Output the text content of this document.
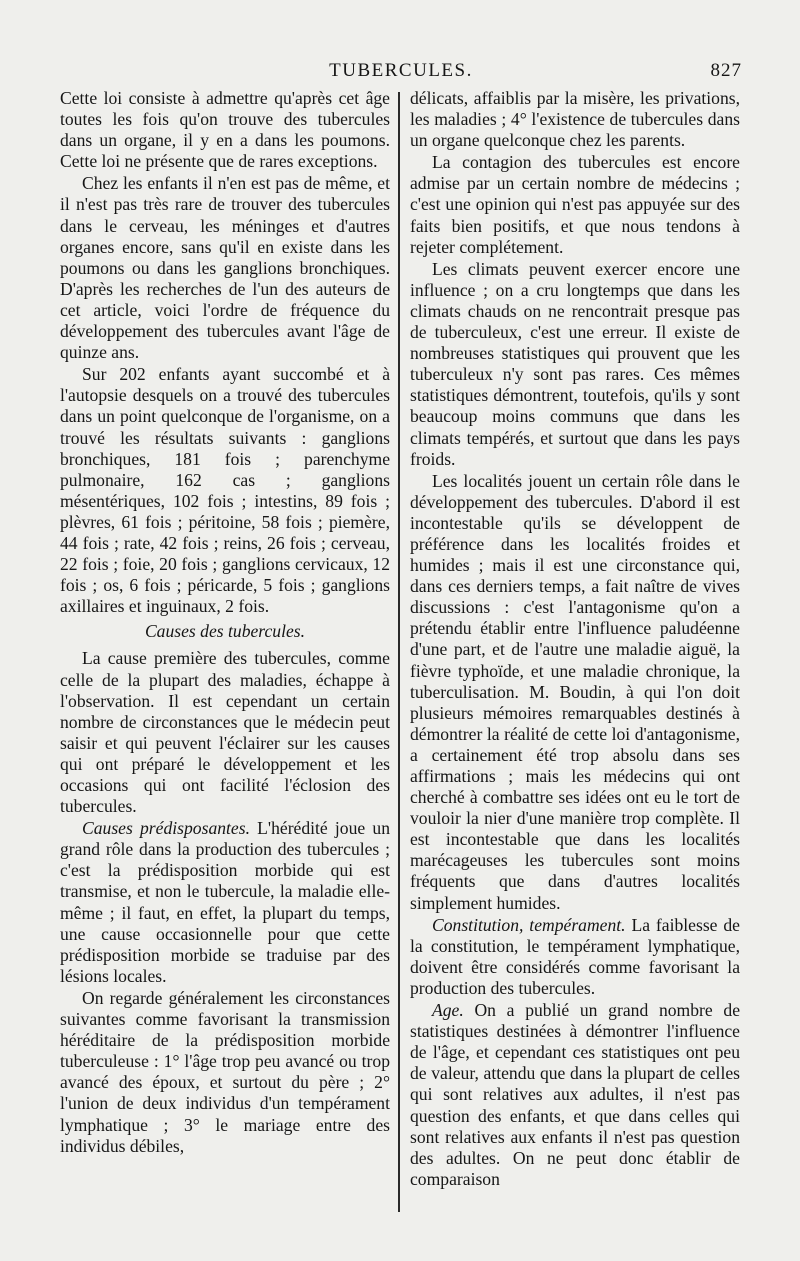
TUBERCULES.	827

Cette loi consiste à admettre qu'après cet âge toutes les fois qu'on trouve des tubercules dans un organe, il y en a dans les poumons. Cette loi ne présente que de rares exceptions.

Chez les enfants il n'en est pas de même, et il n'est pas très rare de trouver des tubercules dans le cerveau, les méninges et d'autres organes encore, sans qu'il en existe dans les poumons ou dans les ganglions bronchiques. D'après les recherches de l'un des auteurs de cet article, voici l'ordre de fréquence du développement des tubercules avant l'âge de quinze ans.

Sur 202 enfants ayant succombé et à l'autopsie desquels on a trouvé des tubercules dans un point quelconque de l'organisme, on a trouvé les résultats suivants : ganglions bronchiques, 181 fois ; parenchyme pulmonaire, 162 cas ; ganglions mésentériques, 102 fois ; intestins, 89 fois ; plèvres, 61 fois ; péritoine, 58 fois ; piemère, 44 fois ; rate, 42 fois ; reins, 26 fois ; cerveau, 22 fois ; foie, 20 fois ; ganglions cervicaux, 12 fois ; os, 6 fois ; péricarde, 5 fois ; ganglions axillaires et inguinaux, 2 fois.

Causes des tubercules.

La cause première des tubercules, comme celle de la plupart des maladies, échappe à l'observation. Il est cependant un certain nombre de circonstances que le médecin peut saisir et qui peuvent l'éclairer sur les causes qui ont préparé le développement et les occasions qui ont facilité l'éclosion des tubercules.

Causes prédisposantes. L'hérédité joue un grand rôle dans la production des tubercules ; c'est la prédisposition morbide qui est transmise, et non le tubercule, la maladie elle-même ; il faut, en effet, la plupart du temps, une cause occasionnelle pour que cette prédisposition morbide se traduise par des lésions locales.

On regarde généralement les circonstances suivantes comme favorisant la transmission héréditaire de la prédisposition morbide tuberculeuse : 1° l'âge trop peu avancé ou trop avancé des époux, et surtout du père ; 2° l'union de deux individus d'un tempérament lymphatique ; 3° le mariage entre des individus débiles,

délicats, affaiblis par la misère, les privations, les maladies ; 4° l'existence de tubercules dans un organe quelconque chez les parents.

La contagion des tubercules est encore admise par un certain nombre de médecins ; c'est une opinion qui n'est pas appuyée sur des faits bien positifs, et que nous tendons à rejeter complétement.

Les climats peuvent exercer encore une influence ; on a cru longtemps que dans les climats chauds on ne rencontrait presque pas de tuberculeux, c'est une erreur. Il existe de nombreuses statistiques qui prouvent que les tuberculeux n'y sont pas rares. Ces mêmes statistiques démontrent, toutefois, qu'ils y sont beaucoup moins communs que dans les climats tempérés, et surtout que dans les pays froids.

Les localités jouent un certain rôle dans le développement des tubercules. D'abord il est incontestable qu'ils se développent de préférence dans les localités froides et humides ; mais il est une circonstance qui, dans ces derniers temps, a fait naître de vives discussions : c'est l'antagonisme qu'on a prétendu établir entre l'influence paludéenne d'une part, et de l'autre une maladie aiguë, la fièvre typhoïde, et une maladie chronique, la tuberculisation. M. Boudin, à qui l'on doit plusieurs mémoires remarquables destinés à démontrer la réalité de cette loi d'antagonisme, a certainement été trop absolu dans ses affirmations ; mais les médecins qui ont cherché à combattre ses idées ont eu le tort de vouloir la nier d'une manière trop complète. Il est incontestable que dans les localités marécageuses les tubercules sont moins fréquents que dans d'autres localités simplement humides.

Constitution, tempérament. La faiblesse de la constitution, le tempérament lymphatique, doivent être considérés comme favorisant la production des tubercules.

Age. On a publié un grand nombre de statistiques destinées à démontrer l'influence de l'âge, et cependant ces statistiques ont peu de valeur, attendu que dans la plupart de celles qui sont relatives aux adultes, il n'est pas question des enfants, et que dans celles qui sont relatives aux enfants il n'est pas question des adultes. On ne peut donc établir de comparaison
